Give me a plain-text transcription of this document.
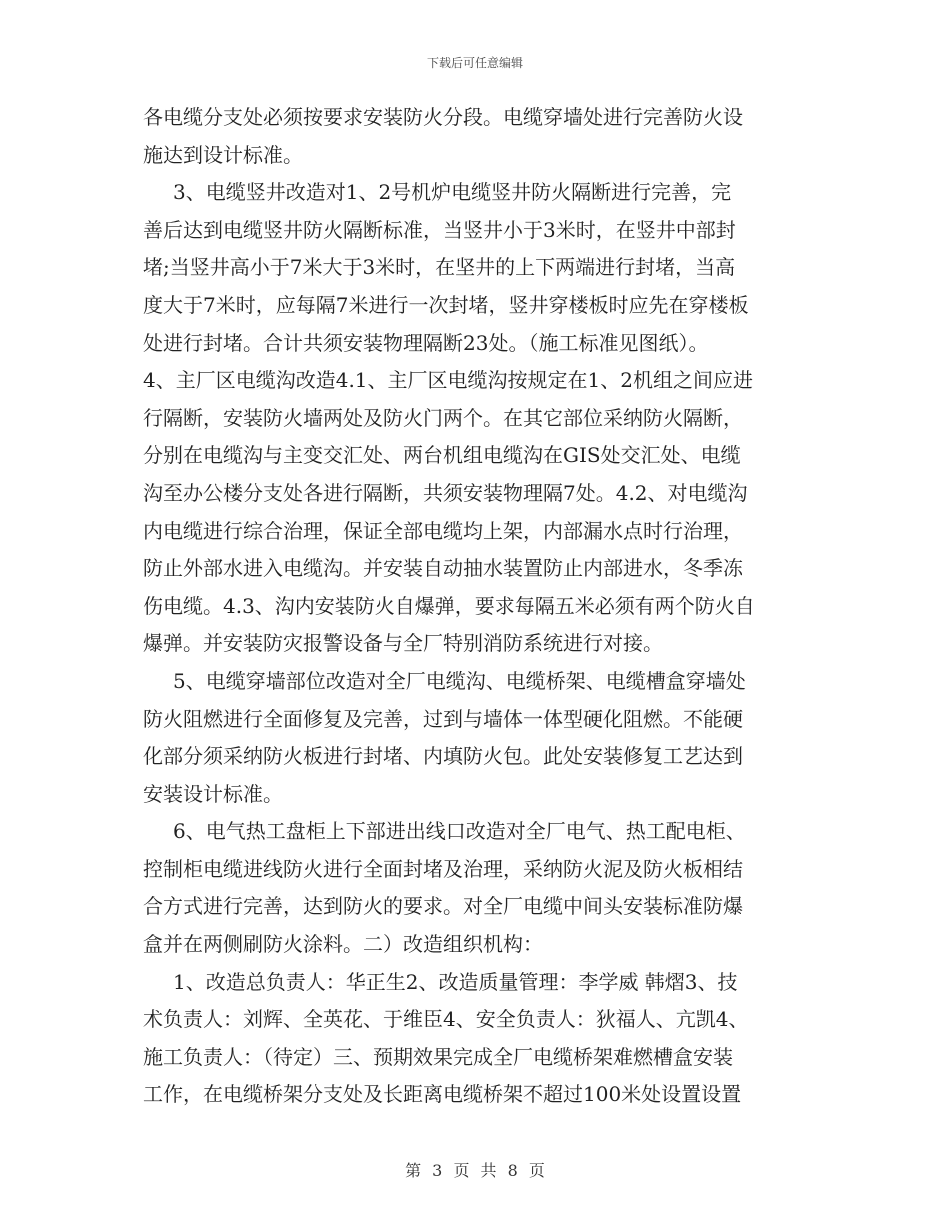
下载后可任意编辑
各电缆分支处必须按要求安装防火分段。电缆穿墙处进行完善防火设
施达到设计标准。
3、电缆竖井改造对1、2号机炉电缆竖井防火隔断进行完善，完
善后达到电缆竖井防火隔断标准，当竖井小于3米时，在竖井中部封
堵;当竖井高小于7米大于3米时，在坚井的上下两端进行封堵，当高
度大于7米时，应每隔7米进行一次封堵，竖井穿楼板时应先在穿楼板
处进行封堵。合计共须安装物理隔断23处。（施工标准见图纸）。
4、主厂区电缆沟改造4.1、主厂区电缆沟按规定在1、2机组之间应进
行隔断，安装防火墙两处及防火门两个。在其它部位采纳防火隔断，
分别在电缆沟与主变交汇处、两台机组电缆沟在GIS处交汇处、电缆
沟至办公楼分支处各进行隔断，共须安装物理隔7处。4.2、对电缆沟
内电缆进行综合治理，保证全部电缆均上架，内部漏水点时行治理，
防止外部水进入电缆沟。并安装自动抽水装置防止内部进水，冬季冻
伤电缆。4.3、沟内安装防火自爆弹，要求每隔五米必须有两个防火自
爆弹。并安装防灾报警设备与全厂特别消防系统进行对接。
5、电缆穿墙部位改造对全厂电缆沟、电缆桥架、电缆槽盒穿墙处
防火阻燃进行全面修复及完善，过到与墙体一体型硬化阻燃。不能硬
化部分须采纳防火板进行封堵、内填防火包。此处安装修复工艺达到
安装设计标准。
6、电气热工盘柜上下部进出线口改造对全厂电气、热工配电柜、
控制柜电缆进线防火进行全面封堵及治理，采纳防火泥及防火板相结
合方式进行完善，达到防火的要求。对全厂电缆中间头安装标准防爆
盒并在两侧刷防火涂料。二）改造组织机构：
1、改造总负责人：华正生2、改造质量管理：李学威 韩熠3、技
术负责人：刘辉、全英花、于维臣4、安全负责人：狄福人、亢凯4、
施工负责人：（待定）三、预期效果完成全厂电缆桥架难燃槽盒安装
工作，在电缆桥架分支处及长距离电缆桥架不超过100米处设置设置
第 3 页 共 8 页
